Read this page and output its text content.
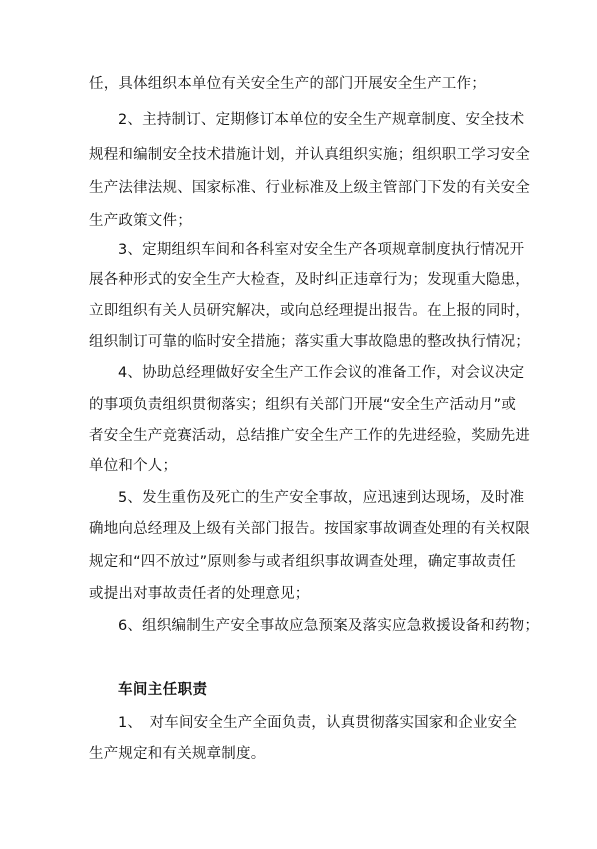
任，具体组织本单位有关安全生产的部门开展安全生产工作；
2、主持制订、定期修订本单位的安全生产规章制度、安全技术
规程和编制安全技术措施计划，并认真组织实施；组织职工学习安全
生产法律法规、国家标准、行业标准及上级主管部门下发的有关安全
生产政策文件；
3、定期组织车间和各科室对安全生产各项规章制度执行情况开
展各种形式的安全生产大检查，及时纠正违章行为；发现重大隐患，
立即组织有关人员研究解决，或向总经理提出报告。在上报的同时，
组织制订可靠的临时安全措施；落实重大事故隐患的整改执行情况；
4、协助总经理做好安全生产工作会议的准备工作，对会议决定
的事项负责组织贯彻落实；组织有关部门开展“安全生产活动月”或
者安全生产竞赛活动，总结推广安全生产工作的先进经验，奖励先进
单位和个人；
5、发生重伤及死亡的生产安全事故，应迅速到达现场，及时准
确地向总经理及上级有关部门报告。按国家事故调查处理的有关权限
规定和“四不放过”原则参与或者组织事故调查处理，确定事故责任
或提出对事故责任者的处理意见；
6、组织编制生产安全事故应急预案及落实应急救援设备和药物；
车间主任职责
1、　对车间安全生产全面负责，认真贯彻落实国家和企业安全
生产规定和有关规章制度。
